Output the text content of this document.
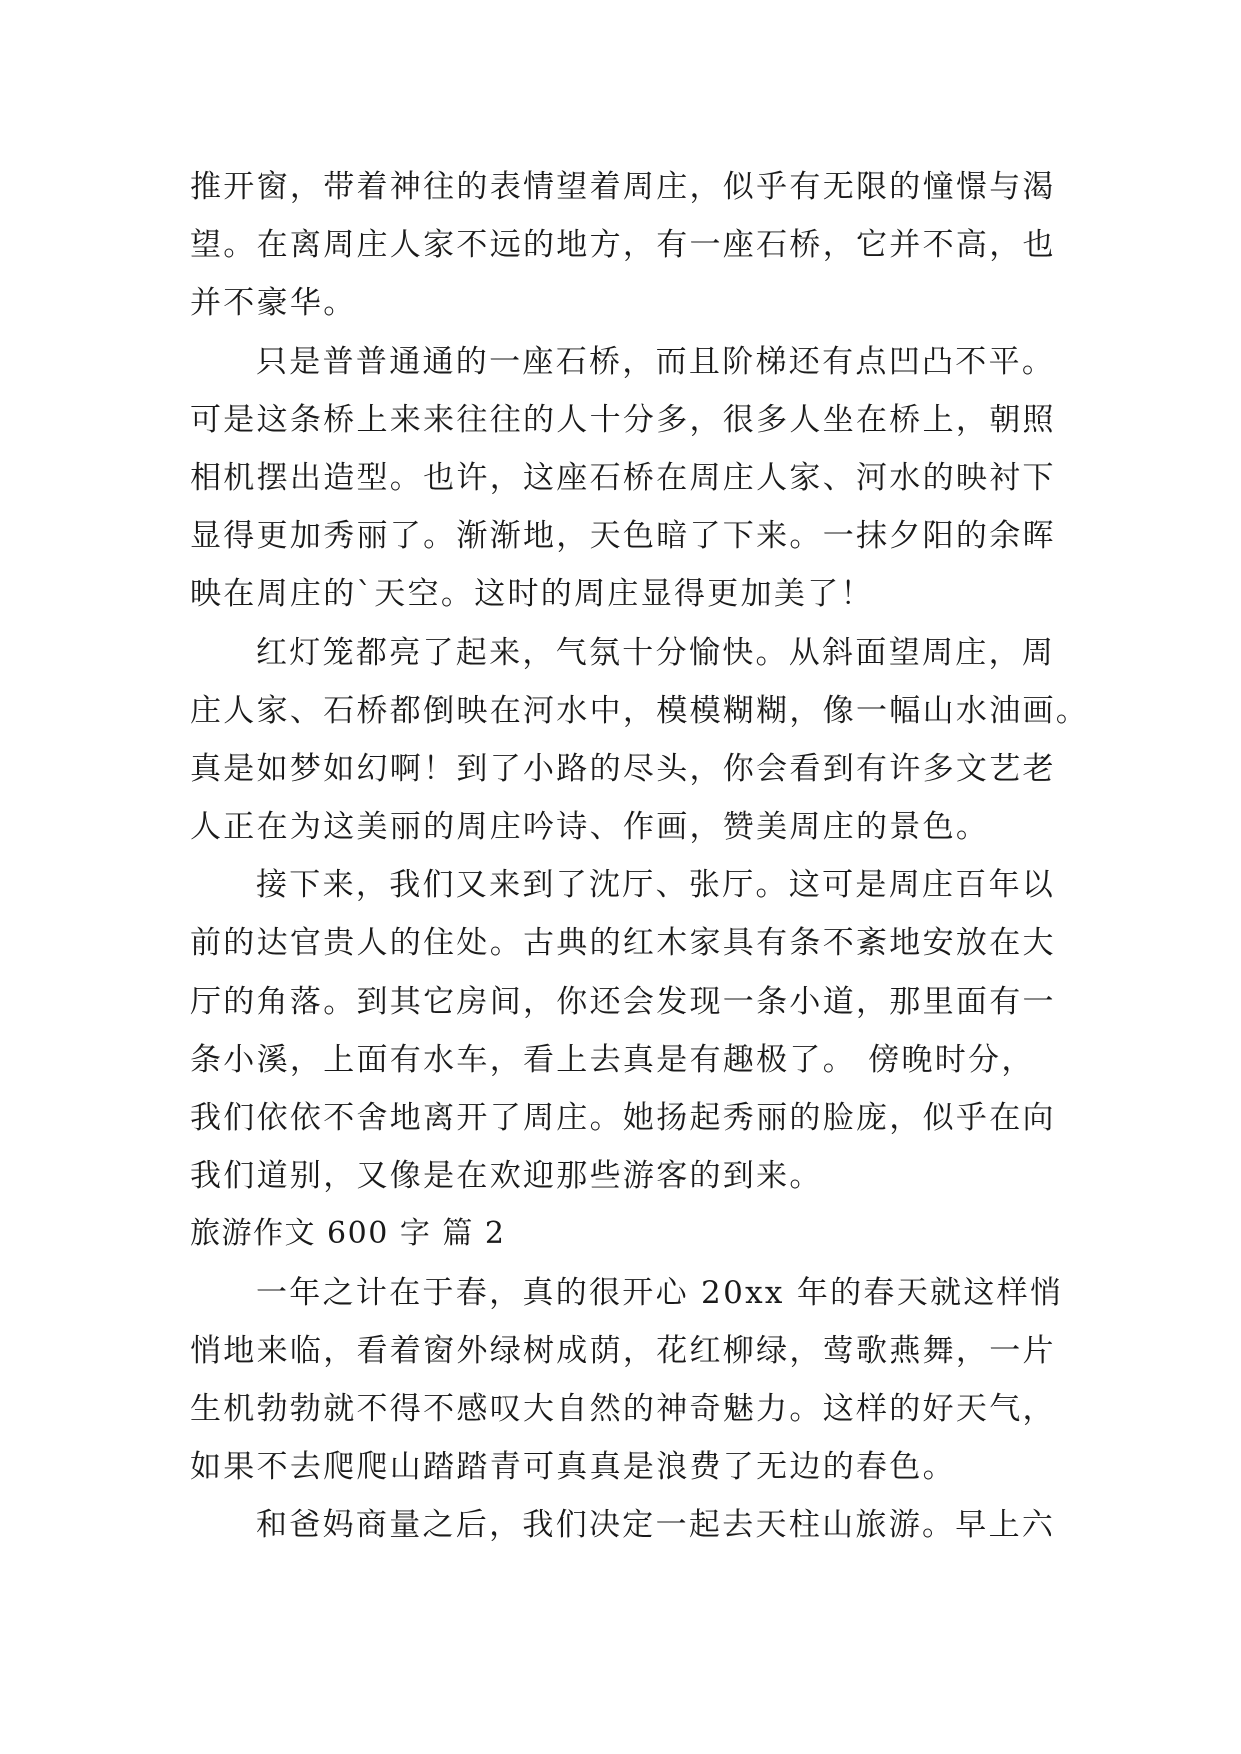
推开窗，带着神往的表情望着周庄，似乎有无限的憧憬与渴
望。在离周庄人家不远的地方，有一座石桥，它并不高，也
并不豪华。
只是普普通通的一座石桥，而且阶梯还有点凹凸不平。
可是这条桥上来来往往的人十分多，很多人坐在桥上，朝照
相机摆出造型。也许，这座石桥在周庄人家、河水的映衬下
显得更加秀丽了。渐渐地，天色暗了下来。一抹夕阳的余晖
映在周庄的`天空。这时的周庄显得更加美了！
红灯笼都亮了起来，气氛十分愉快。从斜面望周庄，周
庄人家、石桥都倒映在河水中，模模糊糊，像一幅山水油画。
真是如梦如幻啊！到了小路的尽头，你会看到有许多文艺老
人正在为这美丽的周庄吟诗、作画，赞美周庄的景色。
接下来，我们又来到了沈厅、张厅。这可是周庄百年以
前的达官贵人的住处。古典的红木家具有条不紊地安放在大
厅的角落。到其它房间，你还会发现一条小道，那里面有一
条小溪，上面有水车，看上去真是有趣极了。 傍晚时分，
我们依依不舍地离开了周庄。她扬起秀丽的脸庞，似乎在向
我们道别，又像是在欢迎那些游客的到来。
旅游作文 600 字 篇 2
一年之计在于春，真的很开心 20xx 年的春天就这样悄
悄地来临，看着窗外绿树成荫，花红柳绿，莺歌燕舞，一片
生机勃勃就不得不感叹大自然的神奇魅力。这样的好天气，
如果不去爬爬山踏踏青可真真是浪费了无边的春色。
和爸妈商量之后，我们决定一起去天柱山旅游。早上六
